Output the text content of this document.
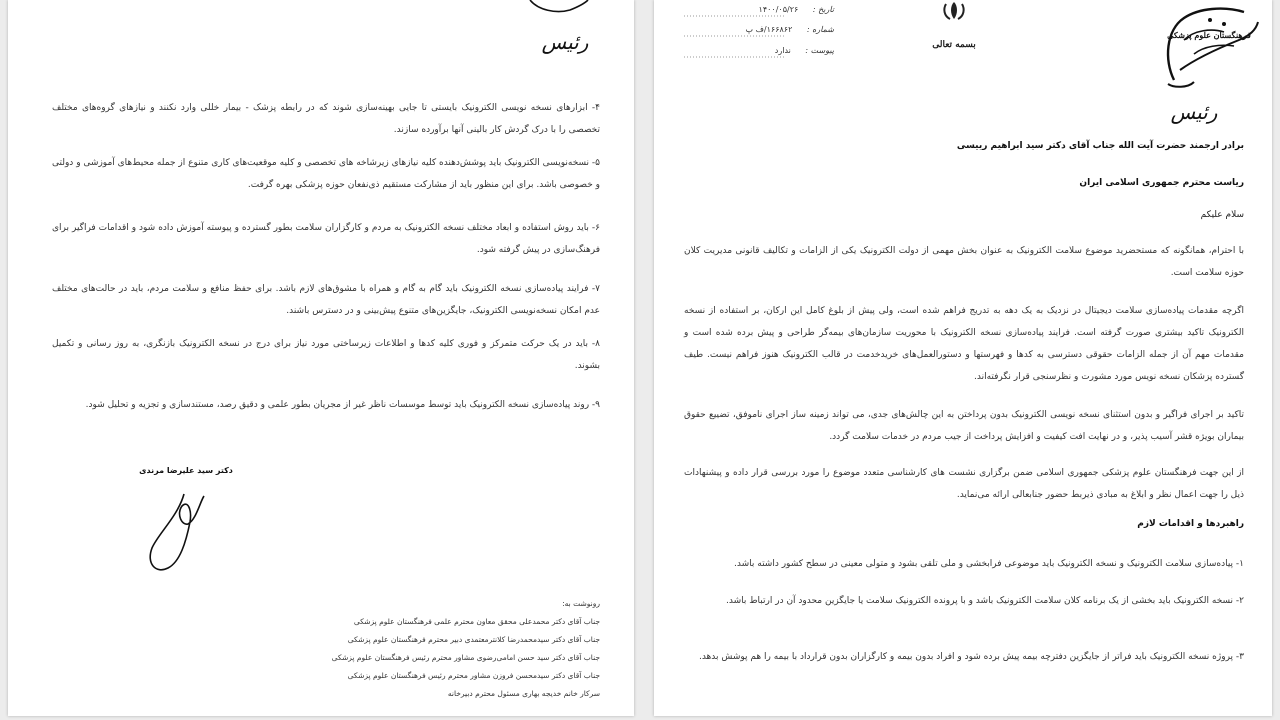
رئیس
۴- ابزارهای نسخه نویسی الکترونیک بایستی تا جایی بهینه‌سازی شوند که در رابطه پزشک - بیمار خللی وارد نکنند و نیازهای گروه‌های مختلف تخصصی را با درک گردش کار بالینی آنها برآورده سازند.
۵- نسخه‌نویسی الکترونیک باید پوشش‌دهنده کلیه نیازهای زیرشاخه های تخصصی و کلیه موقعیت‌های کاری متنوع از جمله محیط‌های آموزشی و دولتی و خصوصی باشد. برای این منظور باید از مشارکت مستقیم ذی‌نفعان حوزه پزشکی بهره گرفت.
۶- باید روش استفاده و ابعاد مختلف نسخه الکترونیک به مردم و کارگزاران سلامت بطور گسترده و پیوسته آموزش داده شود و اقدامات فراگیر برای فرهنگ‌سازی در پیش گرفته شود.
۷- فرایند پیاده‌سازی نسخه الکترونیک باید گام به گام و همراه با مشوق‌های لازم باشد. برای حفظ منافع و سلامت مردم، باید در حالت‌های مختلف عدم امکان نسخه‌نویسی الکترونیک، جایگزین‌های متنوع پیش‌بینی و در دسترس باشند.
۸- باید در یک حرکت متمرکز و فوری کلیه کدها و اطلاعات زیرساختی مورد نیاز برای درج در نسخه الکترونیک بازنگری، به روز رسانی و تکمیل بشوند.
۹- روند پیاده‌سازی نسخه الکترونیک باید توسط موسسات ناظر غیر از مجریان بطور علمی و دقیق رصد، مستندسازی و تجزیه و تحلیل شود.
دکتر سید علیرضا مرندی
رونوشت به:
جناب آقای دکتر محمدعلی محقق معاون محترم علمی فرهنگستان علوم پزشکی
جناب آقای دکتر سیدمحمدرضا کلانترمعتمدی دبیر محترم فرهنگستان علوم پزشکی
جناب آقای دکتر سید حسن امامی‌رضوی مشاور محترم رئیس فرهنگستان علوم پزشکی
جناب آقای دکتر سیدمحسن فروزن مشاور محترم رئیس فرهنگستان علوم پزشکی
سرکار خانم خدیجه بهاری مسئول محترم دبیرخانه
تاریخ : ۱۴۰۰/۰۵/۲۶
شماره : ۱۶۶۸۶۲/ف پ
پیوست : ندارد
بسمه تعالی
فرهنگستان علوم پزشکی
رئیس
برادر ارجمند حضرت آیت الله جناب آقای دکتر سید ابراهیم رییسی
ریاست محترم جمهوری اسلامی ایران
سلام علیکم
با احترام، همانگونه که مستحضرید موضوع سلامت الکترونیک به عنوان بخش مهمی از دولت الکترونیک یکی از الزامات و تکالیف قانونی مدیریت کلان حوزه سلامت است.
اگرچه مقدمات پیاده‌سازی سلامت دیجیتال در نزدیک به یک دهه به تدریج فراهم شده است، ولی پیش از بلوغ کامل این ارکان، بر استفاده از نسخه الکترونیک تاکید بیشتری صورت گرفته است. فرایند پیاده‌سازی نسخه الکترونیک با محوریت سازمان‌های بیمه‌گر طراحی و پیش برده شده است و مقدمات مهم آن از جمله الزامات حقوقی دسترسی به کدها و فهرستها و دستورالعمل‌های خریدخدمت در قالب الکترونیک هنوز فراهم نیست. طیف گسترده پزشکان نسخه نویس مورد مشورت و نظرسنجی قرار نگرفته‌اند.
تاکید بر اجرای فراگیر و بدون استثنای نسخه نویسی الکترونیک بدون پرداختن به این چالش‌های جدی، می تواند زمینه ساز اجرای ناموفق، تضییع حقوق بیماران بویژه قشر آسیب پذیر، و در نهایت افت کیفیت و افزایش پرداخت از جیب مردم در خدمات سلامت گردد.
از این جهت فرهنگستان علوم پزشکی جمهوری اسلامی ضمن برگزاری نشست های کارشناسی متعدد موضوع را مورد بررسی قرار داده و پیشنهادات ذیل را جهت اعمال نظر و ابلاغ به مبادی ذیربط حضور جنابعالی ارائه می‌نماید.
راهبردها و اقدامات لازم
۱- پیاده‌سازی سلامت الکترونیک و نسخه الکترونیک باید موضوعی فرابخشی و ملی تلقی بشود و متولی معینی در سطح کشور داشته باشد.
۲- نسخه الکترونیک باید بخشی از یک برنامه کلان سلامت الکترونیک باشد و با پرونده الکترونیک سلامت یا جایگزین محدود آن در ارتباط باشد.
۳- پروژه نسخه الکترونیک باید فراتر از جایگزین دفترچه بیمه پیش برده شود و افراد بدون بیمه و کارگزاران بدون قرارداد با بیمه را هم پوشش بدهد.
